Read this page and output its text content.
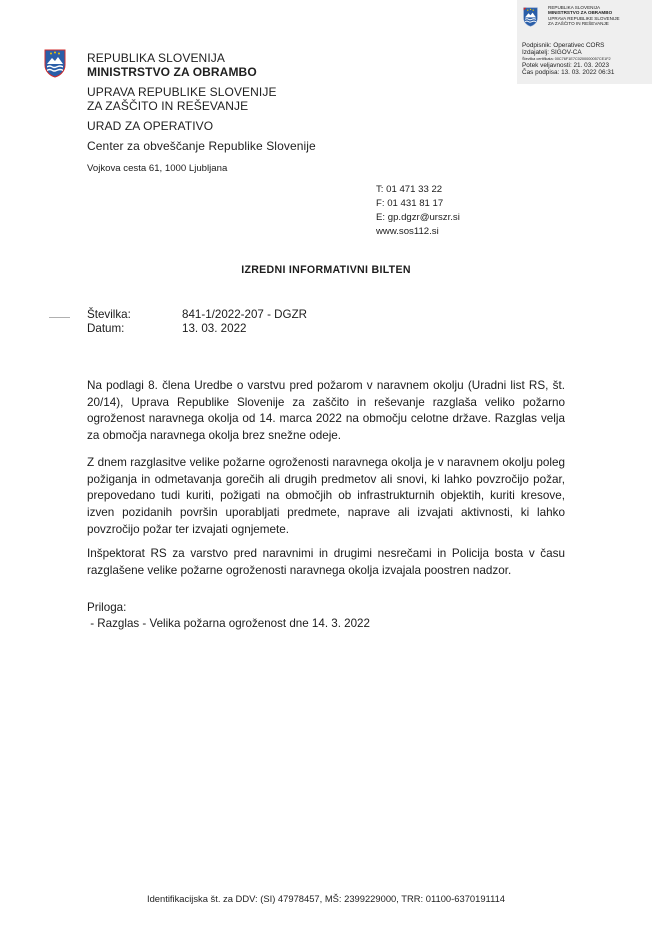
REPUBLIKA SLOVENIJA
MINISTRSTVO ZA OBRAMBO
UPRAVA REPUBLIKE SLOVENIJE
ZA ZAŠČITO IN REŠEVANJE
Podpisnik: Operativec CORS
Izdajatelj: SIGOV-CA
Številka certifikata: 00C76F1E7C0200000057CE1F2
Potek veljavnosti: 21. 03. 2023
Čas podpisa: 13. 03. 2022 06:31
REPUBLIKA SLOVENIJA
MINISTRSTVO ZA OBRAMBO
UPRAVA REPUBLIKE SLOVENIJE
ZA ZAŠČITO IN REŠEVANJE
URAD ZA OPERATIVO
Center za obveščanje Republike Slovenije
Vojkova cesta 61, 1000 Ljubljana
T: 01 471 33 22
F: 01 431 81 17
E: gp.dgzr@urszr.si
www.sos112.si
IZREDNI INFORMATIVNI BILTEN
Številka:	841-1/2022-207 - DGZR
Datum:	13. 03. 2022
Na podlagi 8. člena Uredbe o varstvu pred požarom v naravnem okolju (Uradni list RS, št. 20/14), Uprava Republike Slovenije za zaščito in reševanje razglaša veliko požarno ogroženost naravnega okolja od 14. marca 2022 na območju celotne države. Razglas velja za območja naravnega okolja brez snežne odeje.
Z dnem razglasitve velike požarne ogroženosti naravnega okolja je v naravnem okolju poleg požiganja in odmetavanja gorečih ali drugih predmetov ali snovi, ki lahko povzročijo požar, prepovedano tudi kuriti, požigati na območjih ob infrastrukturnih objektih, kuriti kresove, izven pozidanih površin uporabljati predmete, naprave ali izvajati aktivnosti, ki lahko povzročijo požar ter izvajati ognjemete.
Inšpektorat RS za varstvo pred naravnimi in drugimi nesrečami in Policija bosta v času razglašene velike požarne ogroženosti naravnega okolja izvajala poostren nadzor.
Priloga:
- Razglas - Velika požarna ogroženost dne 14. 3. 2022
Identifikacijska št. za DDV: (SI) 47978457, MŠ: 2399229000, TRR: 01100-6370191114
